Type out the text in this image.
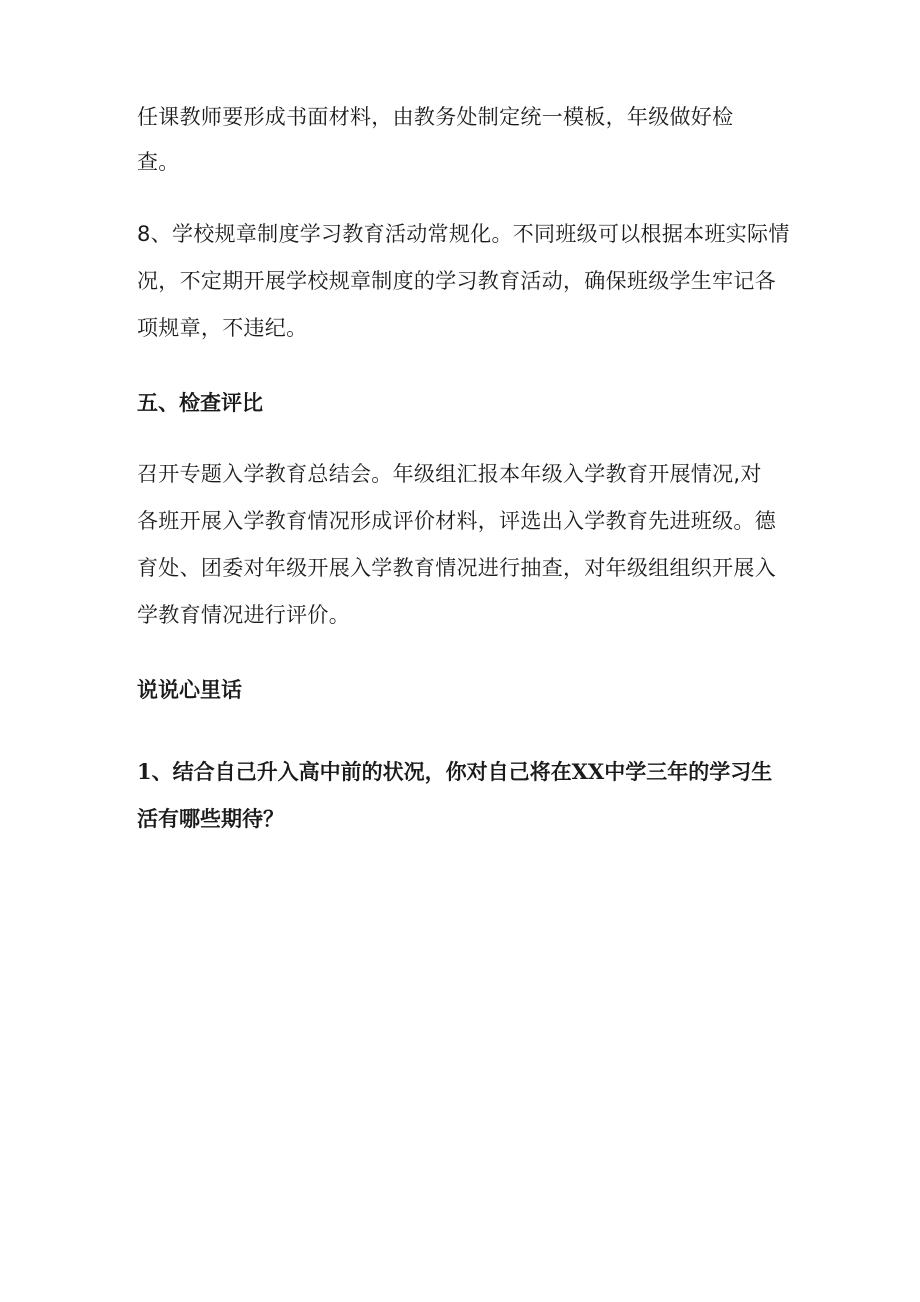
任课教师要形成书面材料，由教务处制定统一模板，年级做好检
查。
8、学校规章制度学习教育活动常规化。不同班级可以根据本班实际情
况，不定期开展学校规章制度的学习教育活动，确保班级学生牢记各
项规章，不违纪。
五、检查评比
召开专题入学教育总结会。年级组汇报本年级入学教育开展情况,对
各班开展入学教育情况形成评价材料，评选出入学教育先进班级。德
育处、团委对年级开展入学教育情况进行抽查，对年级组组织开展入
学教育情况进行评价。
说说心里话
1、结合自己升入高中前的状况，你对自己将在XX中学三年的学习生
活有哪些期待？
